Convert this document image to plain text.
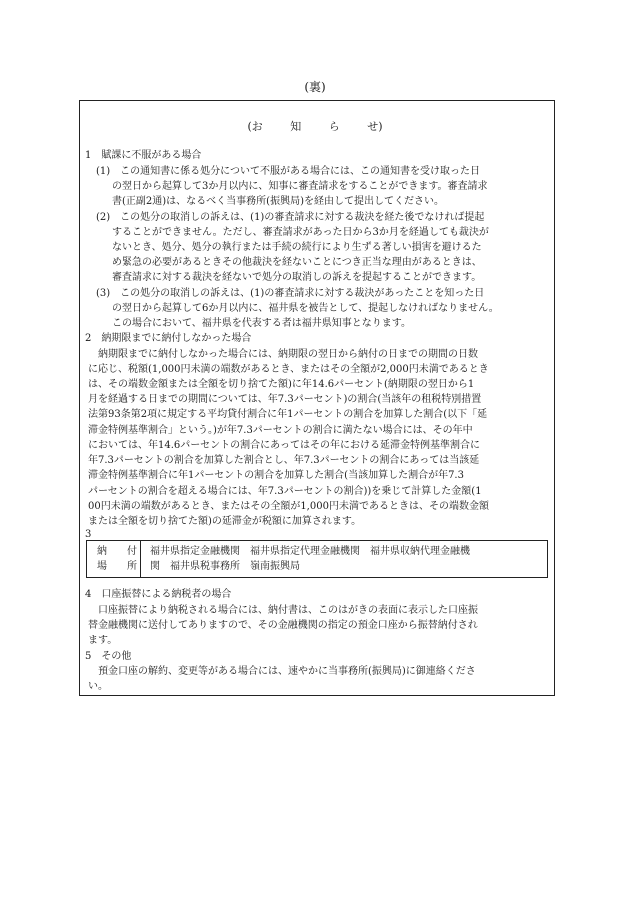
(裏)
(お 知 ら せ)
1　賦課に不服がある場合
(1)　この通知書に係る処分について不服がある場合には、この通知書を受け取った日
の翌日から起算して3か月以内に、知事に審査請求をすることができます。審査請求
書(正副2通)は、なるべく当事務所(振興局)を経由して提出してください。
(2)　この処分の取消しの訴えは、(1)の審査請求に対する裁決を経た後でなければ提起
することができません。ただし、審査請求があった日から3か月を経過しても裁決が
ないとき、処分、処分の執行または手続の続行により生ずる著しい損害を避けるた
め緊急の必要があるときその他裁決を経ないことにつき正当な理由があるときは、
審査請求に対する裁決を経ないで処分の取消しの訴えを提起することができます。
(3)　この処分の取消しの訴えは、(1)の審査請求に対する裁決があったことを知った日
の翌日から起算して6か月以内に、福井県を被告として、提起しなければなりません。
この場合において、福井県を代表する者は福井県知事となります。
2　納期限までに納付しなかった場合
納期限までに納付しなかった場合には、納期限の翌日から納付の日までの期間の日数
に応じ、税額(1,000円未満の端数があるとき、またはその全額が2,000円未満であるとき
は、その端数金額または全額を切り捨てた額)に年14.6パーセント(納期限の翌日から1
月を経過する日までの期間については、年7.3パーセント)の割合(当該年の租税特別措置
法第93条第2項に規定する平均貸付割合に年1パーセントの割合を加算した割合(以下「延
滞金特例基準割合」という。)が年7.3パーセントの割合に満たない場合には、その年中
においては、年14.6パーセントの割合にあってはその年における延滞金特例基準割合に
年7.3パーセントの割合を加算した割合とし、年7.3パーセントの割合にあっては当該延
滞金特例基準割合に年1パーセントの割合を加算した割合(当該加算した割合が年7.3
パーセントの割合を超える場合には、年7.3パーセントの割合))を乗じて計算した金額(1
00円未満の端数があるとき、またはその全額が1,000円未満であるときは、その端数金額
または全額を切り捨てた額)の延滞金が税額に加算されます。
3
納　　付
場　　所
福井県指定金融機関　福井県指定代理金融機関　福井県収納代理金融機
関　福井県税事務所　嶺南振興局
4　口座振替による納税者の場合
口座振替により納税される場合には、納付書は、このはがきの表面に表示した口座振
替金融機関に送付してありますので、その金融機関の指定の預金口座から振替納付され
ます。
5　その他
預金口座の解約、変更等がある場合には、速やかに当事務所(振興局)に御連絡くださ
い。
